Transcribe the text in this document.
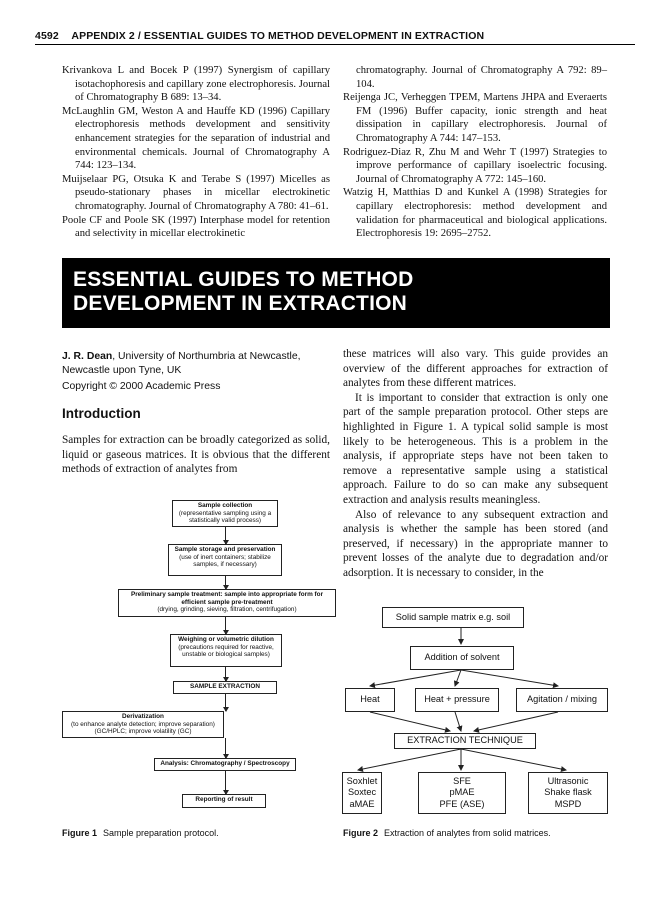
4592 APPENDIX 2 / ESSENTIAL GUIDES TO METHOD DEVELOPMENT IN EXTRACTION

Krivankova L and Bocek P (1997) Synergism of capillary isotachophoresis and capillary zone electrophoresis. Journal of Chromatography B 689: 13–34.

McLaughlin GM, Weston A and Hauffe KD (1996) Capillary electrophoresis methods development and sensitivity enhancement strategies for the separation of industrial and environmental chemicals. Journal of Chromatography A 744: 123–134.

Muijselaar PG, Otsuka K and Terabe S (1997) Micelles as pseudo-stationary phases in micellar electrokinetic chromatography. Journal of Chromatography A 780: 41–61.

Poole CF and Poole SK (1997) Interphase model for retention and selectivity in micellar electrokinetic

chromatography. Journal of Chromatography A 792: 89–104.

Reijenga JC, Verheggen TPEM, Martens JHPA and Everaerts FM (1996) Buffer capacity, ionic strength and heat dissipation in capillary electrophoresis. Journal of Chromatography A 744: 147–153.

Rodriguez-Diaz R, Zhu M and Wehr T (1997) Strategies to improve performance of capillary isoelectric focusing. Journal of Chromatography A 772: 145–160.

Watzig H, Matthias D and Kunkel A (1998) Strategies for capillary electrophoresis: method development and validation for pharmaceutical and biological applications. Electrophoresis 19: 2695–2752.

ESSENTIAL GUIDES TO METHOD
DEVELOPMENT IN EXTRACTION
J. R. Dean, University of Northumbria at Newcastle, Newcastle upon Tyne, UK
Copyright © 2000 Academic Press
Introduction

Samples for extraction can be broadly categorized as solid, liquid or gaseous matrices. It is obvious that the different methods of extraction of analytes from

these matrices will also vary. This guide provides an overview of the different approaches for extraction of analytes from these different matrices.

It is important to consider that extraction is only one part of the sample preparation protocol. Other steps are highlighted in Figure 1. A typical solid sample is most likely to be heterogeneous. This is a problem in the analysis, if appropriate steps have not been taken to remove a representative sample using a statistical approach. Failure to do so can make any subsequent extraction and analysis results meaningless.

Also of relevance to any subsequent extraction and analysis is whether the sample has been stored (and preserved, if necessary) in the appropriate manner to prevent losses of the analyte due to degradation and/or adsorption. It is necessary to consider, in the

Sample collection
(representative sampling using a statistically valid process)
Sample storage and preservation
(use of inert containers; stabilize samples, if necessary)
Preliminary sample treatment: sample into appropriate form for efficient sample pre-treatment
(drying, grinding, sieving, filtration, centrifugation)
Weighing or volumetric dilution
(precautions required for reactive, unstable or biological samples)
SAMPLE EXTRACTION
Derivatization
(to enhance analyte detection; improve separation) (GC/HPLC; improve volatility (GC)
Analysis: Chromatography / Spectroscopy
Reporting of result
Solid sample matrix e.g. soil
Addition of solvent
Heat	Heat + pressure	Agitation / mixing
EXTRACTION TECHNIQUE
Soxhlet
Soxtec
aMAE
SFE
pMAE
PFE (ASE)
Ultrasonic
Shake flask
MSPD
Figure 1 Sample preparation protocol.	Figure 2 Extraction of analytes from solid matrices.
